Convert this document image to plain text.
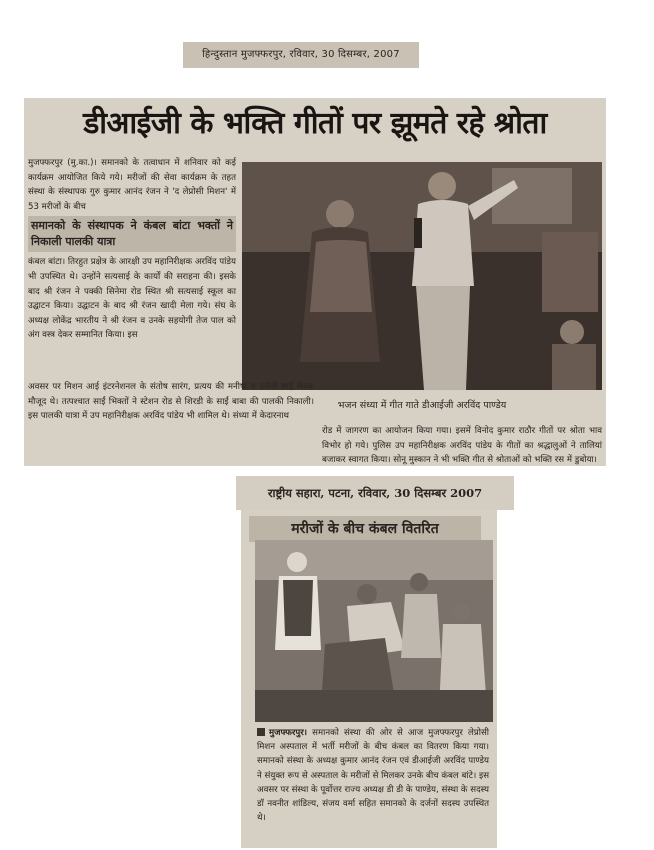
हिन्दुस्तान मुजफ्फरपुर, रविवार, 30 दिसम्बर, 2007
डीआईजी के भक्ति गीतों पर झूमते रहे श्रोता

मुजफ्फरपुर (मु.का.)। समानको के तत्वाधान में शनिवार को कई कार्यक्रम आयोजित किये गये। मरीजों की सेवा कार्यक्रम के तहत संस्था के संस्थापक गुरु कुमार आनंद रंजन ने 'द लेप्रोसी मिशन' में 53 मरीजों के बीच

समानको के संस्थापक ने कंबल बांटा भक्तों ने निकाली पालकी यात्रा

कंबल बांटा। तिरहुत प्रक्षेत्र के आरक्षी उप महानिरीक्षक अरविंद पांडेय भी उपस्थित थे। उन्होंने सत्यसाई के कार्यों की सराहना की। इसके बाद श्री रंजन ने पक्की सिनेमा रोड स्थित श्री सत्यसाई स्कूल का उद्घाटन किया। उद्घाटन के बाद श्री रंजन खादी मेला गये। संघ के अध्यक्ष लोकेंद्र भारतीय ने श्री रंजन व उनके सहयोगी तेज पाल को अंग वस्त्र देकर सम्मानित किया। इस

भजन संध्या में गीत गाते डीआईजी अरविंद पाण्डेय
अवसर पर मिशन आई इंटरनेशनल के संतोष सारंग, प्रत्यय की मनीषा व दर्जनों साईं सेवक मौजूद थे। तत्पश्चात साईं भिक्तों ने स्टेशन रोड से शिरडी के साईं बाबा की पालकी निकाली। इस पालकी यात्रा में उप महानिरीक्षक अरविंद पांडेय भी शामिल थे। संध्या में केदारनाथ
रोड में जागरण का आयोजन किया गया। इसमें विनोद कुमार राठौर गीतों पर श्रोता भाव विभोर हो गये। पुलिस उप महानिरीक्षक अरविंद पांडेय के गीतों का श्रद्धालुओं ने तालियां बजाकर स्वागत किया। सोनू मुस्कान ने भी भक्ति गीत से श्रोताओं को भक्ति रस में डुबोया।
राष्ट्रीय सहारा, पटना, रविवार, 30 दिसम्बर 2007
मरीजों के बीच कंबल वितरित
मुजफ्फरपुर। समानको संस्था की ओर से आज मुजफ्फरपुर लेप्रोसी मिशन अस्पताल में भर्ती मरीजों के बीच कंबल का वितरण किया गया। समानको संस्था के अध्यक्ष कुमार आनंद रंजन एवं डीआईजी अरविंद पाण्डेय ने संयुक्त रूप से अस्पताल के मरीजों से मिलकर उनके बीच कंबल बांटे। इस अवसर पर संस्था के पूर्वोत्तर राज्य अध्यक्ष डी डी के पाण्डेय, संस्था के सदस्य डॉ नवनीत शांडिल्य, संजय वर्मा सहित समानको के दर्जनों सदस्य उपस्थित थे।
